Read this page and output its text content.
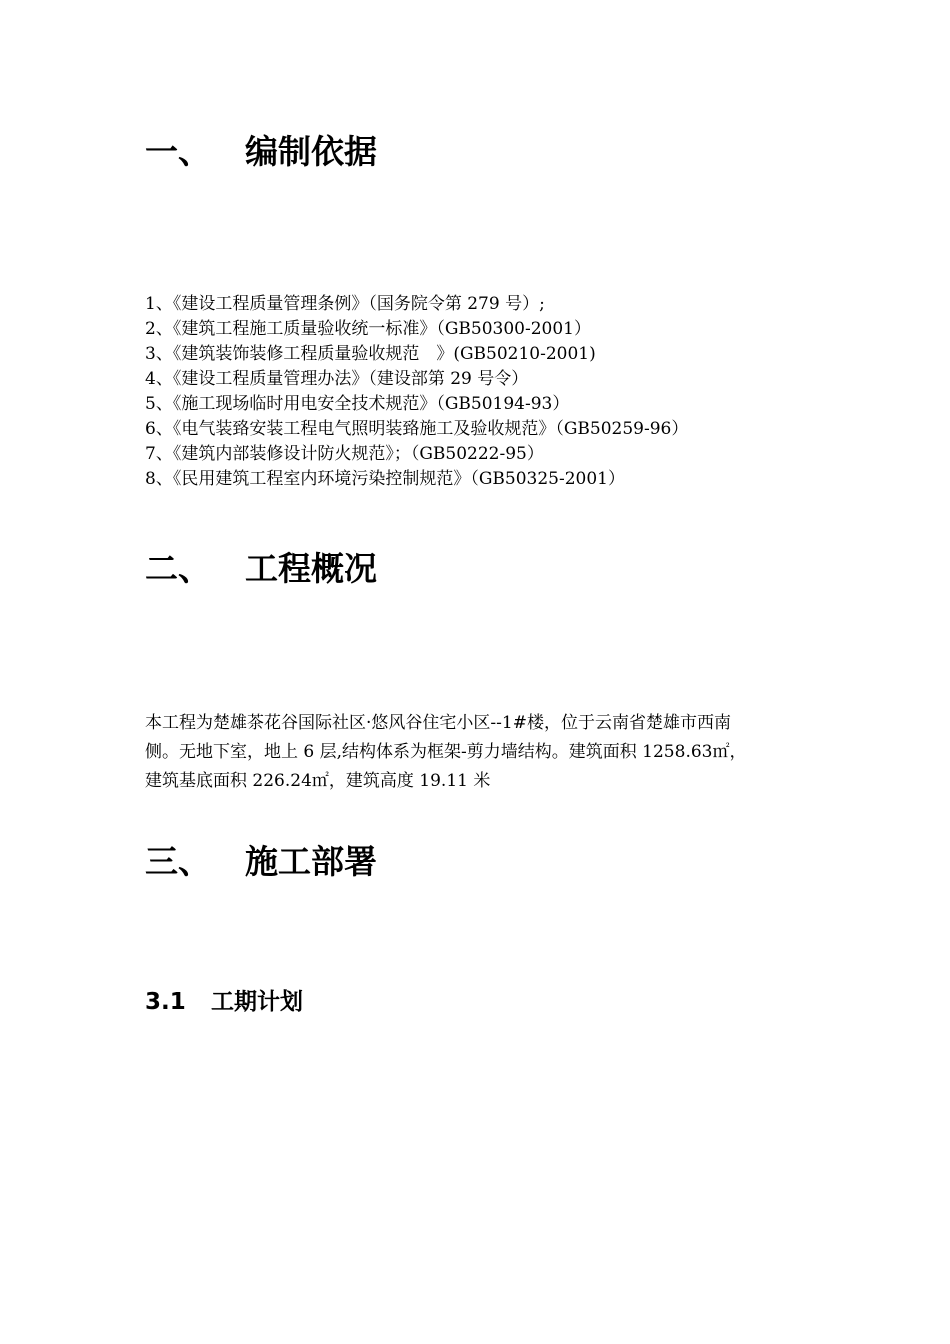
一、 编制依据
1、《建设工程质量管理条例》（国务院令第 279 号）;
2、《建筑工程施工质量验收统一标准》（GB50300-2001）
3、《建筑装饰装修工程质量验收规范　》(GB50210-2001)
4、《建设工程质量管理办法》（建设部第 29 号令）
5、《施工现场临时用电安全技术规范》（GB50194-93）
6、《电气装臵安装工程电气照明装臵施工及验收规范》（GB50259-96）
7、《建筑内部装修设计防火规范》；（GB50222-95）
8、《民用建筑工程室内环境污染控制规范》（GB50325-2001）
二、 工程概况

本工程为楚雄茶花谷国际社区·悠风谷住宅小区--1#楼，位于云南省楚雄市西南
侧。无地下室，地上 6 层,结构体系为框架-剪力墙结构。建筑面积 1258.63㎡，
建筑基底面积 226.24㎡，建筑高度 19.11 米

三、 施工部署
3.1 工期计划
